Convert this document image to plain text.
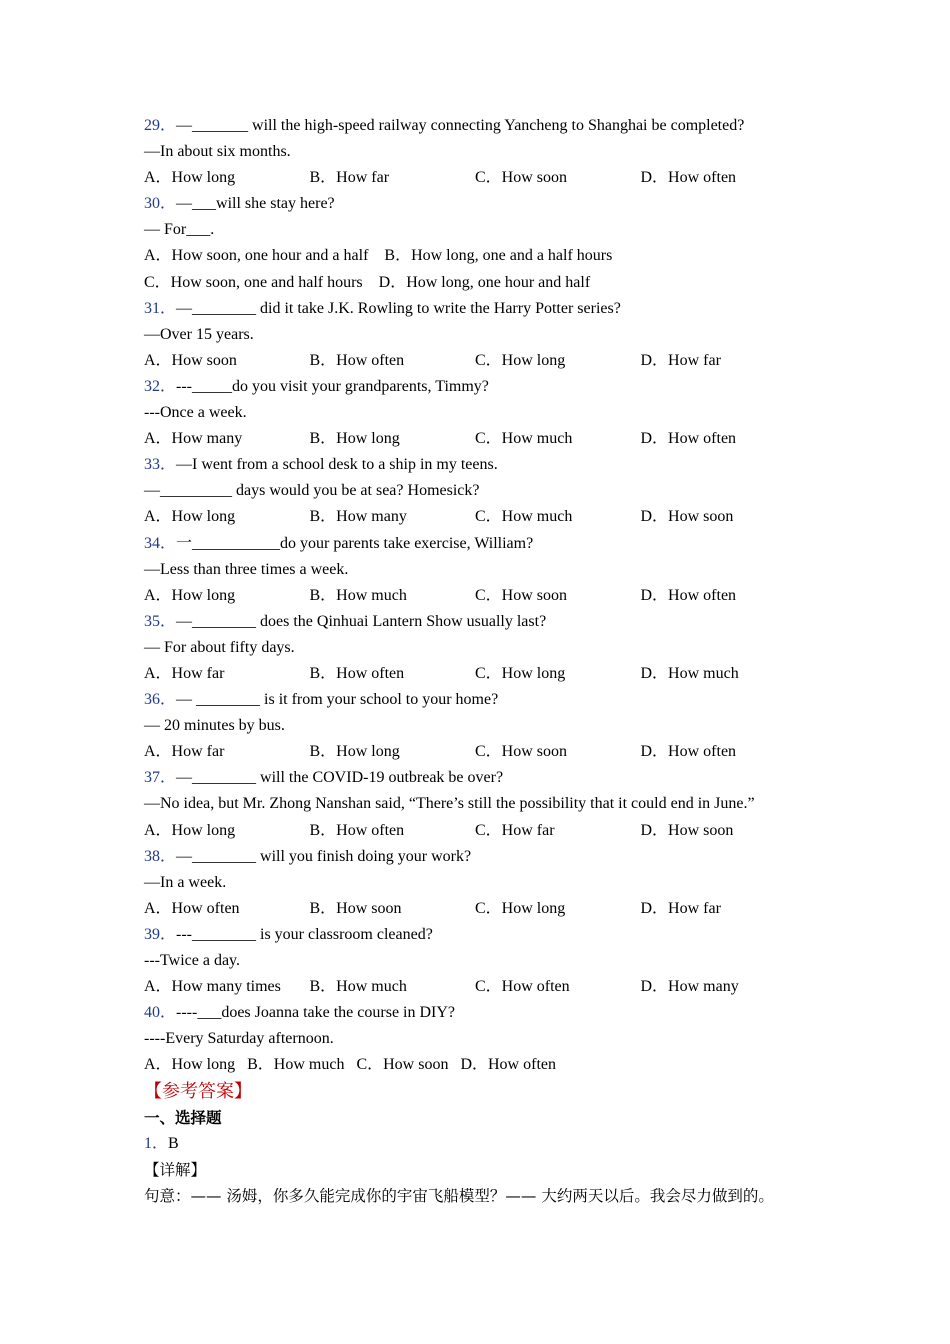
29．—_______ will the high-speed railway connecting Yancheng to Shanghai be completed?
—In about six months.
A．How long	B．How far	C．How soon	D．How often
30．—___will she stay here?
— For___.
A．How soon, one hour and a half    B．How long, one and a half hours
C．How soon, one and half hours    D．How long, one hour and half
31．—________ did it take J.K. Rowling to write the Harry Potter series?
—Over 15 years.
A．How soon	B．How often	C．How long	D．How far
32．---_____do you visit your grandparents, Timmy?
---Once a week.
A．How many	B．How long	C．How much	D．How often
33．—I went from a school desk to a ship in my teens.
—_________ days would you be at sea? Homesick?
A．How long	B．How many	C．How much	D．How soon
34．一___________do your parents take exercise, William?
—Less than three times a week.
A．How long	B．How much	C．How soon	D．How often
35．—________ does the Qinhuai Lantern Show usually last?
— For about fifty days.
A．How far	B．How often	C．How long	D．How much
36．— ________ is it from your school to your home?
— 20 minutes by bus.
A．How far	B．How long	C．How soon	D．How often
37．—________ will the COVID-19 outbreak be over?
—No idea, but Mr. Zhong Nanshan said, “There’s still the possibility that it could end in June.”
A．How long	B．How often	C．How far	D．How soon
38．—________ will you finish doing your work?
—In a week.
A．How often	B．How soon	C．How long	D．How far
39．---________ is your classroom cleaned?
---Twice a day.
A．How many times	B．How much	C．How often	D．How many
40．----___does Joanna take the course in DIY?
----Every Saturday afternoon.
A．How long   B．How much   C．How soon   D．How often
【参考答案】
一、选择题
1．B
【详解】
句意：—— 汤姆，你多久能完成你的宇宙飞船模型？—— 大约两天以后。我会尽力做到的。
